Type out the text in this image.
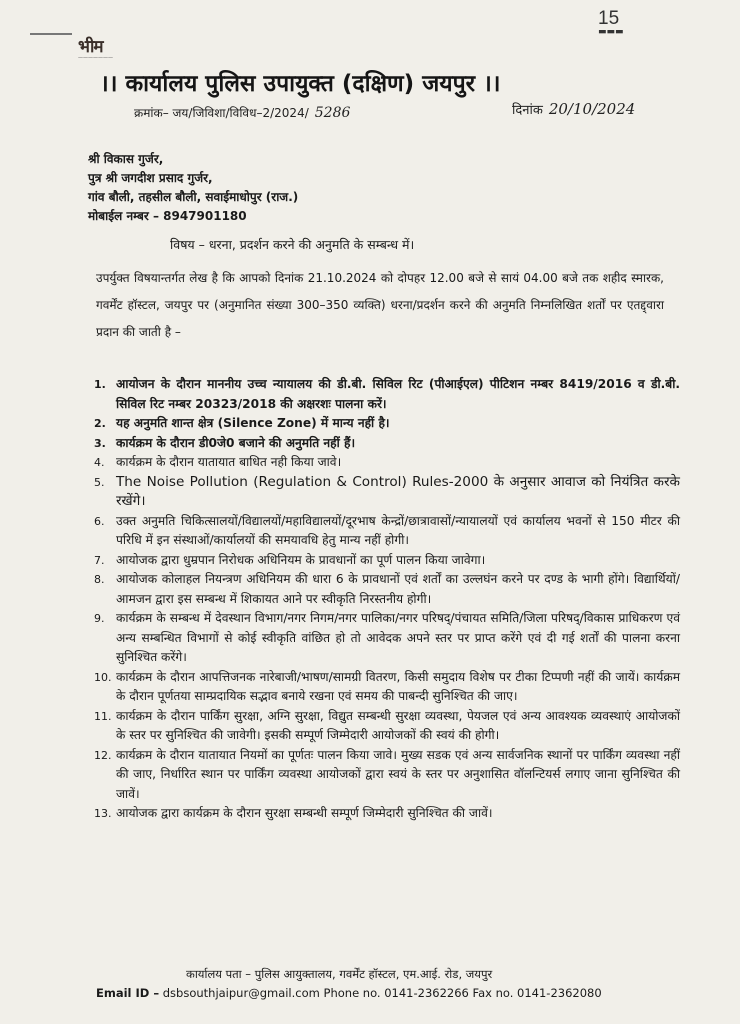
भीम
———————
15
▬▬▬
।। कार्यालय पुलिस उपायुक्त (दक्षिण) जयपुर ।।
क्रमांक– जय/जिविशा/विविध–2/2024/ 5286	दिनांक 20/10/2024
श्री विकास गुर्जर,
पुत्र श्री जगदीश प्रसाद गुर्जर,
गांव बौली, तहसील बौली, सवाईमाधोपुर (राज.)
मोबाईल नम्बर – 8947901180
विषय – धरना, प्रदर्शन करने की अनुमति के सम्बन्ध में।
उपर्युक्त विषयान्तर्गत लेख है कि आपको दिनांक 21.10.2024 को दोपहर 12.00 बजे से सायं 04.00 बजे तक शहीद स्मारक, गवर्मेंट हॉस्टल, जयपुर पर (अनुमानित संख्या 300–350 व्यक्ति) धरना/प्रदर्शन करने की अनुमति निम्नलिखित शर्तों पर एतद्द्वारा प्रदान की जाती है –
1. आयोजन के दौरान माननीय उच्च न्यायालय की डी.बी. सिविल रिट (पीआईएल) पीटिशन नम्बर 8419/2016 व डी.बी. सिविल रिट नम्बर 20323/2018 की अक्षरशः पालना करें।
2. यह अनुमति शान्त क्षेत्र (Silence Zone) में मान्य नहीं है।
3. कार्यक्रम के दौरान डी0जे0 बजाने की अनुमति नहीं हैं।
4. कार्यक्रम के दौरान यातायात बाधित नही किया जावे।
5. The Noise Pollution (Regulation & Control) Rules-2000 के अनुसार आवाज को नियंत्रित करके रखेंगे।
6. उक्त अनुमति चिकित्सालयों/विद्यालयों/महाविद्यालयों/दूरभाष केन्द्रों/छात्रावासों/न्यायालयों एवं कार्यालय भवनों से 150 मीटर की परिधि में इन संस्थाओं/कार्यालयों की समयावधि हेतु मान्य नहीं होगी।
7. आयोजक द्वारा धुम्रपान निरोधक अधिनियम के प्रावधानों का पूर्ण पालन किया जावेगा।
8. आयोजक कोलाहल नियन्त्रण अधिनियम की धारा 6 के प्रावधानों एवं शर्तों का उल्लघंन करने पर दण्ड के भागी होंगे। विद्यार्थियों/आमजन द्वारा इस सम्बन्ध में शिकायत आने पर स्वीकृति निरस्तनीय होगी।
9. कार्यक्रम के सम्बन्ध में देवस्थान विभाग/नगर निगम/नगर पालिका/नगर परिषद्/पंचायत समिति/जिला परिषद्/विकास प्राधिकरण एवं अन्य सम्बन्धित विभागों से कोई स्वीकृति वांछित हो तो आवेदक अपने स्तर पर प्राप्त करेंगे एवं दी गई शर्तों की पालना करना सुनिश्चित करेंगे।
10. कार्यक्रम के दौरान आपत्तिजनक नारेबाजी/भाषण/सामग्री वितरण, किसी समुदाय विशेष पर टीका टिप्पणी नहीं की जायें। कार्यक्रम के दौरान पूर्णतया साम्प्रदायिक सद्भाव बनाये रखना एवं समय की पाबन्दी सुनिश्चित की जाए।
11. कार्यक्रम के दौरान पार्किंग सुरक्षा, अग्नि सुरक्षा, विद्युत सम्बन्धी सुरक्षा व्यवस्था, पेयजल एवं अन्य आवश्यक व्यवस्थाएं आयोजकों के स्तर पर सुनिश्चित की जावेगी। इसकी सम्पूर्ण जिम्मेदारी आयोजकों की स्वयं की होगी।
12. कार्यक्रम के दौरान यातायात नियमों का पूर्णतः पालन किया जावे। मुख्य सडक एवं अन्य सार्वजनिक स्थानों पर पार्किंग व्यवस्था नहीं की जाए, निर्धारित स्थान पर पार्किंग व्यवस्था आयोजकों द्वारा स्वयं के स्तर पर अनुशासित वॉलन्टियर्स लगाए जाना सुनिश्चित की जावें।
13. आयोजक द्वारा कार्यक्रम के दौरान सुरक्षा सम्बन्धी सम्पूर्ण जिम्मेदारी सुनिश्चित की जावें।
कार्यालय पता – पुलिस आयुक्तालय, गवर्मेंट हॉस्टल, एम.आई. रोड, जयपुर
Email ID – dsbsouthjaipur@gmail.com Phone no. 0141-2362266 Fax no. 0141-2362080
